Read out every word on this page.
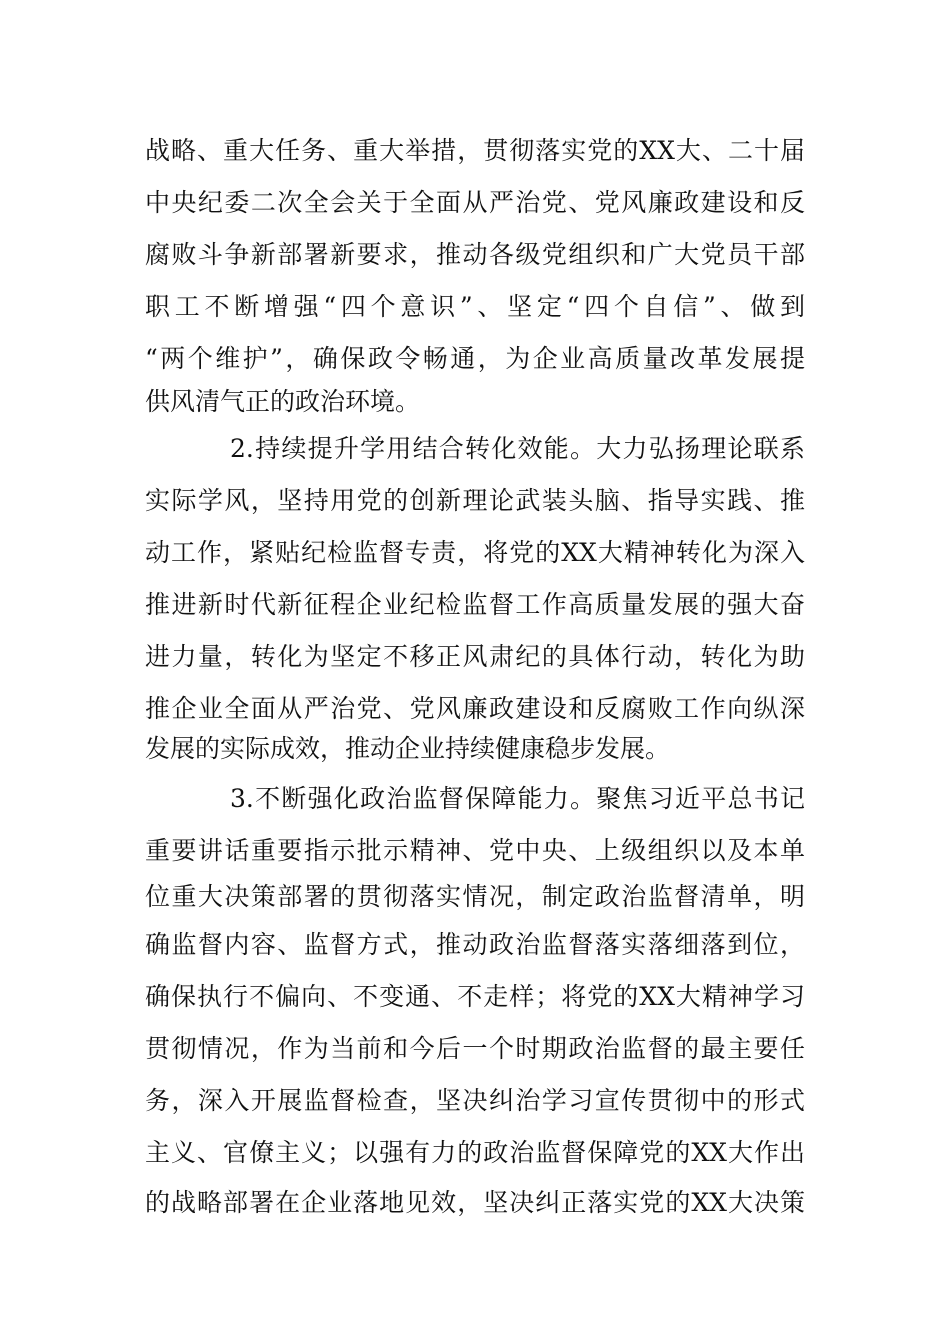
战略、重大任务、重大举措，贯彻落实党的XX大、二十届
中央纪委二次全会关于全面从严治党、党风廉政建设和反
腐败斗争新部署新要求，推动各级党组织和广大党员干部
职工不断增强“四个意识”、坚定“四个自信”、做到
“两个维护”，确保政令畅通，为企业高质量改革发展提
供风清气正的政治环境。
2.持续提升学用结合转化效能。大力弘扬理论联系
实际学风，坚持用党的创新理论武装头脑、指导实践、推
动工作，紧贴纪检监督专责，将党的XX大精神转化为深入
推进新时代新征程企业纪检监督工作高质量发展的强大奋
进力量，转化为坚定不移正风肃纪的具体行动，转化为助
推企业全面从严治党、党风廉政建设和反腐败工作向纵深
发展的实际成效，推动企业持续健康稳步发展。
3.不断强化政治监督保障能力。聚焦习近平总书记
重要讲话重要指示批示精神、党中央、上级组织以及本单
位重大决策部署的贯彻落实情况，制定政治监督清单，明
确监督内容、监督方式，推动政治监督落实落细落到位，
确保执行不偏向、不变通、不走样；将党的XX大精神学习
贯彻情况，作为当前和今后一个时期政治监督的最主要任
务，深入开展监督检查，坚决纠治学习宣传贯彻中的形式
主义、官僚主义；以强有力的政治监督保障党的XX大作出
的战略部署在企业落地见效，坚决纠正落实党的XX大决策
